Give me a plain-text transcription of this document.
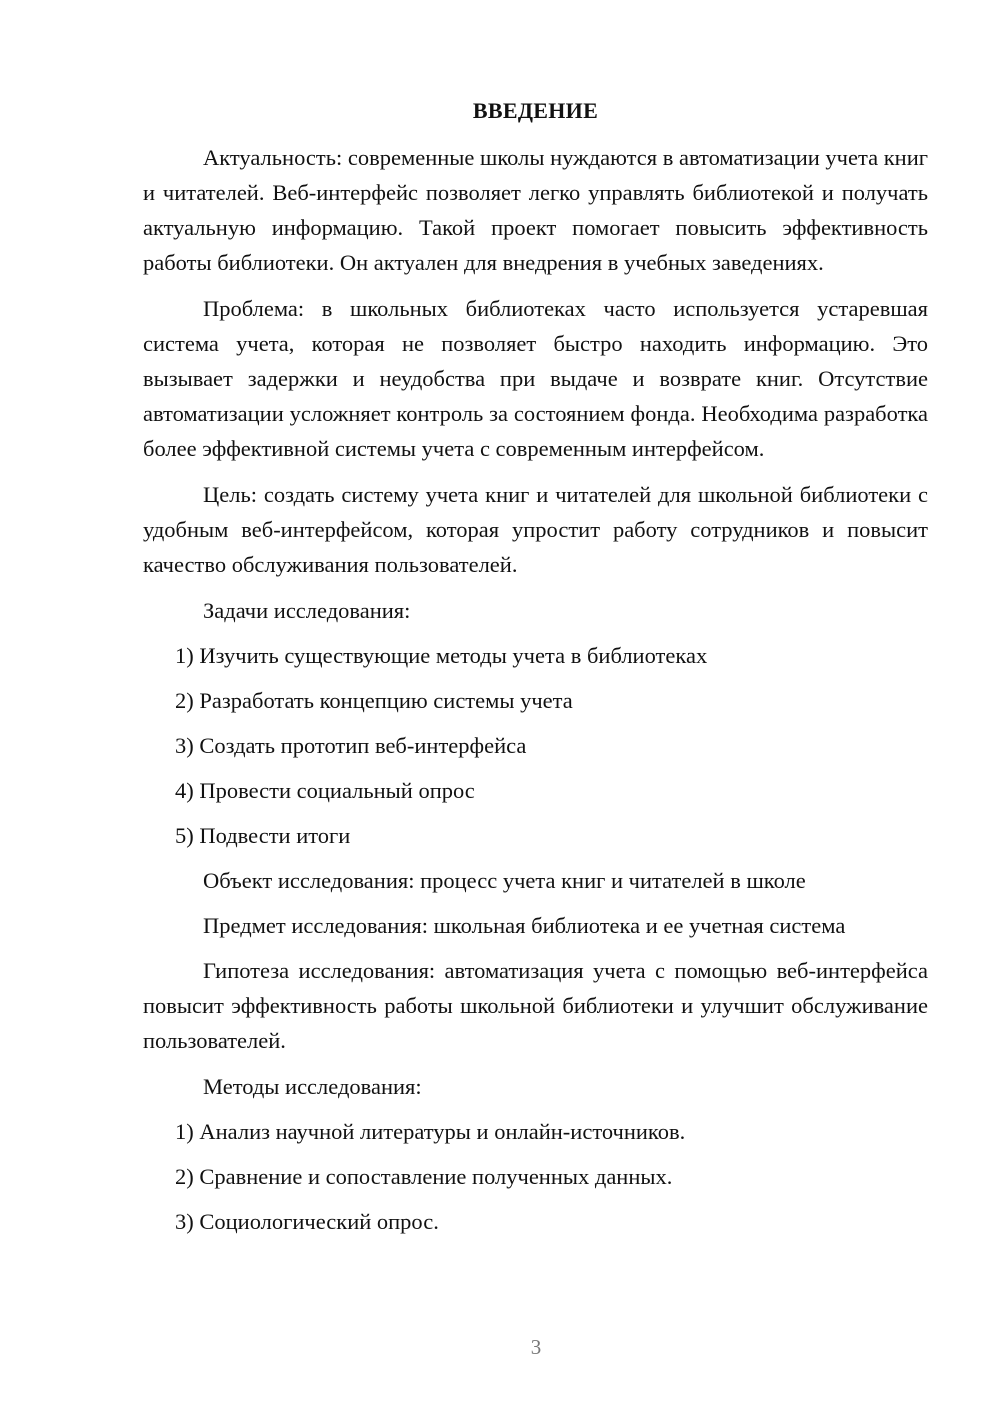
ВВЕДЕНИЕ
Актуальность: современные школы нуждаются в автоматизации учета книг и читателей. Веб-интерфейс позволяет легко управлять библиотекой и получать актуальную информацию. Такой проект помогает повысить эффективность работы библиотеки. Он актуален для внедрения в учебных заведениях.
Проблема: в школьных библиотеках часто используется устаревшая система учета, которая не позволяет быстро находить информацию. Это вызывает задержки и неудобства при выдаче и возврате книг. Отсутствие автоматизации усложняет контроль за состоянием фонда. Необходима разработка более эффективной системы учета с современным интерфейсом.
Цель: создать систему учета книг и читателей для школьной библиотеки с удобным веб-интерфейсом, которая упростит работу сотрудников и повысит качество обслуживания пользователей.
Задачи исследования:
1) Изучить существующие методы учета в библиотеках
2) Разработать концепцию системы учета
3) Создать прототип веб-интерфейса
4) Провести социальный опрос
5) Подвести итоги
Объект исследования: процесс учета книг и читателей в школе
Предмет исследования: школьная библиотека и ее учетная система
Гипотеза исследования: автоматизация учета с помощью веб-интерфейса повысит эффективность работы школьной библиотеки и улучшит обслуживание пользователей.
Методы исследования:
1) Анализ научной литературы и онлайн-источников.
2) Сравнение и сопоставление полученных данных.
3) Социологический опрос.
3
